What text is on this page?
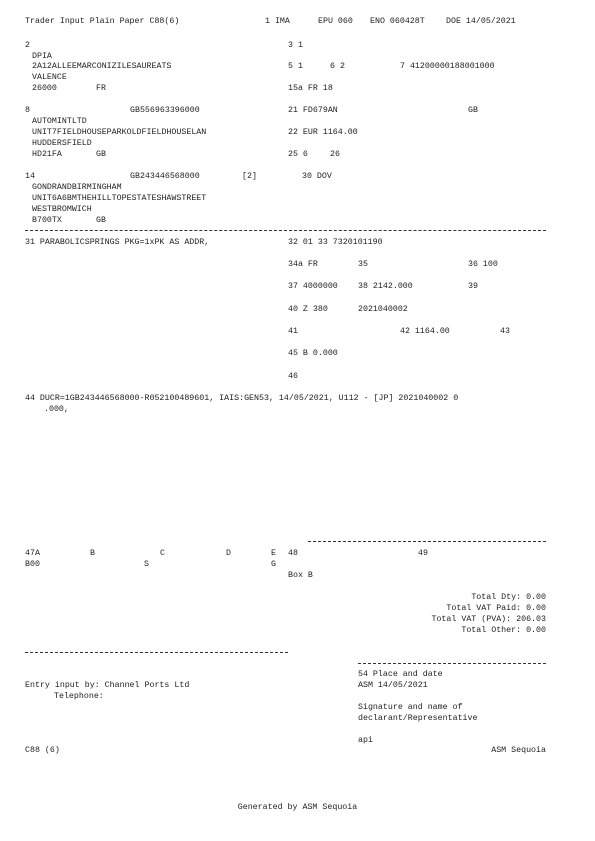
Trader Input Plain Paper C88(6)	1 IMA	EPU 060 ENO 060428T	DOE 14/05/2021
2
DPIA
2A12ALLEEMARCONIZILESAUREATS
VALENCE
26000	FR
3 1
5 1	6 2	7 41200000188001000
15a FR 18
8	GB556963396000
AUTOMINTLTD
UNIT7FIELDHOUSEPARKOLDFIELDHOUSELAN
HUDDERSFIELD
HD21FA	GB
21 FD679AN	GB
22 EUR 1164.00
25 6	26
14	GB243446568000	[2]
GONDRANDBIRMINGHAM
UNIT6A6BMTHEHILLTOPESTATESHAWSTREET
WESTBROMWICH
B700TX	GB
30 DOV
31 PARABOLICSPRINGS PKG=1xPK AS ADDR,	32 01 33 7320101190
34a FR	35	36 100
37 4000000 38 2142.000	39
40 Z 380	2021040002
41	42 1164.00	43
45 B 0.000
46
44 DUCR=1GB243446568000-R052100489601, IAIS:GEN53, 14/05/2021, U112 - [JP] 2021040002 0
.000,
47A	B	C	D	E 48	49
B00	S	G
Box B
Total Dty: 0.00
Total VAT Paid: 0.00
Total VAT (PVA): 206.03
Total Other: 0.00
54 Place and date
ASM 14/05/2021
Entry input by: Channel Ports Ltd
Telephone:
Signature and name of
declarant/Representative
api
C88 (6)	ASM Sequoia
Generated by ASM Sequoia
